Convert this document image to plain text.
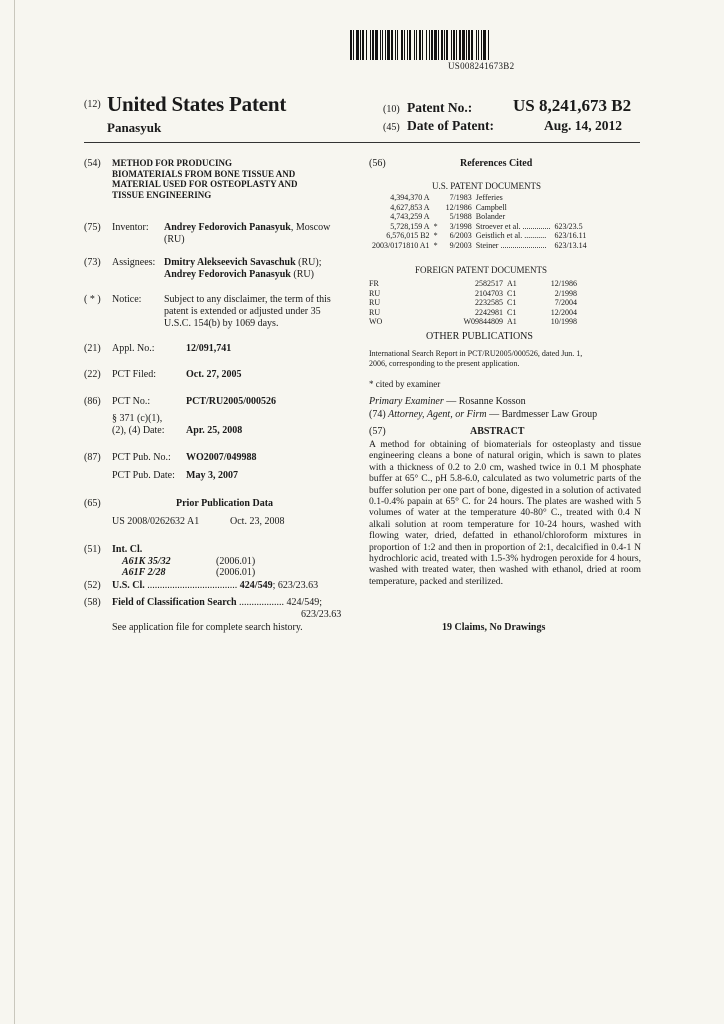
US008241673B2
(12) United States Patent
Panasyuk
(10) Patent No.: US 8,241,673 B2
(45) Date of Patent:	Aug. 14, 2012
(54) METHOD FOR PRODUCING
BIOMATERIALS FROM BONE TISSUE AND
MATERIAL USED FOR OSTEOPLASTY AND
TISSUE ENGINEERING
(75) Inventor: Andrey Fedorovich Panasyuk, Moscow
(RU)
(73) Assignees: Dmitry Alekseevich Savaschuk (RU);
Andrey Fedorovich Panasyuk (RU)
( * ) Notice: Subject to any disclaimer, the term of this
patent is extended or adjusted under 35
U.S.C. 154(b) by 1069 days.
(21) Appl. No.:	12/091,741
(22) PCT Filed:	Oct. 27, 2005
(86) PCT No.:	PCT/RU2005/000526
§ 371 (c)(1),
(2), (4) Date: Apr. 25, 2008
(87) PCT Pub. No.: WO2007/049988
PCT Pub. Date: May 3, 2007
(65)	Prior Publication Data
US 2008/0262632 A1	Oct. 23, 2008
(51) Int. Cl.
A61K 35/32	(2006.01)
A61F 2/28	(2006.01)
(52) U.S. Cl. .................................... 424/549; 623/23.63
(58) Field of Classification Search .................. 424/549;
623/23.63
See application file for complete search history.
(56)	References Cited
U.S. PATENT DOCUMENTS
4,394,370 A		7/1983	Jefferies	
4,627,853 A		12/1986	Campbell	
4,743,259 A		5/1988	Bolander	
5,728,159 A	*	3/1998	Stroever et al. ..............	623/23.5
6,576,015 B2	*	6/2003	Geistlich et al. ...........	623/16.11
2003/0171810 A1	*	9/2003	Steiner .......................	623/13.14
FOREIGN PATENT DOCUMENTS
FR	2582517	A1	12/1986
RU	2104703	C1	2/1998
RU	2232585	C1	7/2004
RU	2242981	C1	12/2004
WO	W09844809	A1	10/1998
OTHER PUBLICATIONS
International Search Report in PCT/RU2005/000526, dated Jun. 1,
2006, corresponding to the present application.
* cited by examiner
Primary Examiner — Rosanne Kosson
(74) Attorney, Agent, or Firm — Bardmesser Law Group
(57)	ABSTRACT
A method for obtaining of biomaterials for osteoplasty and tissue engineering cleans a bone of natural origin, which is sawn to plates with a thickness of 0.2 to 2.0 cm, washed twice in 0.1 M phosphate buffer at 65° C., pH 5.8-6.0, calculated as two volumetric parts of the buffer solution per one part of bone, digested in a solution of activated 0.1-0.4% papain at 65° C. for 24 hours. The plates are washed with 5 volumes of water at the temperature 40-80° C., treated with 0.4 N alkali solution at room temperature for 10-24 hours, washed with flowing water, dried, defatted in ethanol/chloroform mixtures in proportion of 1:2 and then in proportion of 2:1, decalcified in 0.4-1 N hydrochloric acid, treated with 1.5-3% hydrogen peroxide for 4 hours, washed with treated water, then washed with ethanol, dried at room temperature, packed and sterilized.
19 Claims, No Drawings
